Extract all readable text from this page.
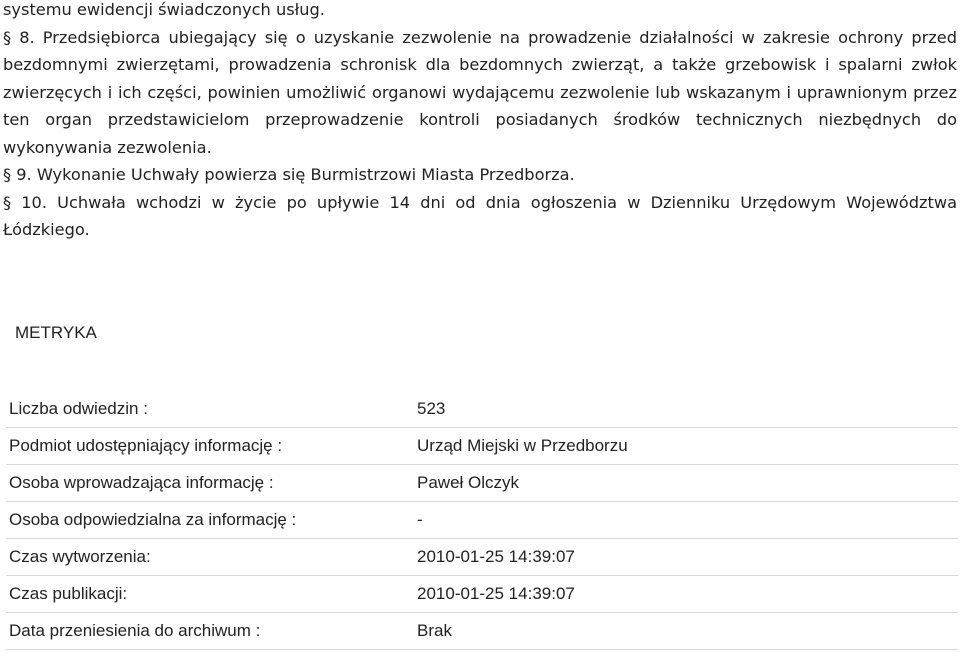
systemu ewidencji świadczonych usług.

§ 8. Przedsiębiorca ubiegający się o uzyskanie zezwolenie na prowadzenie działalności w zakresie ochrony przed bezdomnymi zwierzętami, prowadzenia schronisk dla bezdomnych zwierząt, a także grzebowisk i spalarni zwłok zwierzęcych i ich części, powinien umożliwić organowi wydającemu zezwolenie lub wskazanym i uprawnionym przez ten organ przedstawicielom przeprowadzenie kontroli posiadanych środków technicznych niezbędnych do wykonywania zezwolenia.

§ 9. Wykonanie Uchwały powierza się Burmistrzowi Miasta Przedborza.

§ 10. Uchwała wchodzi w życie po upływie 14 dni od dnia ogłoszenia w Dzienniku Urzędowym Województwa Łódzkiego.

METRYKA
Liczba odwiedzin :	523
Podmiot udostępniający informację :	Urząd Miejski w Przedborzu
Osoba wprowadzająca informację :	Paweł Olczyk
Osoba odpowiedzialna za informację :	-
Czas wytworzenia:	2010-01-25 14:39:07
Czas publikacji:	2010-01-25 14:39:07
Data przeniesienia do archiwum :	Brak
